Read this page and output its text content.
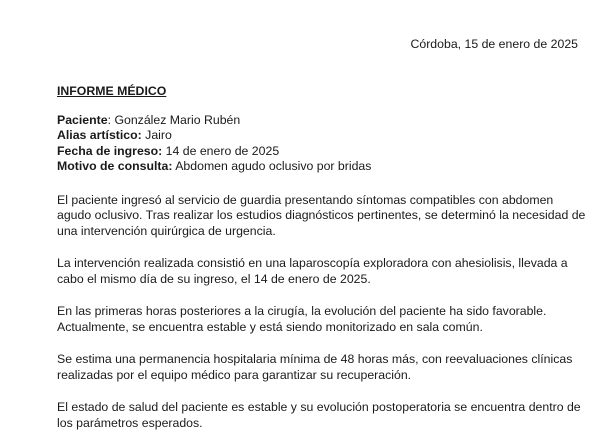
Córdoba, 15 de enero de 2025
INFORME MÉDICO
Paciente: González Mario Rubén
Alias artístico: Jairo
Fecha de ingreso: 14 de enero de 2025
Motivo de consulta: Abdomen agudo oclusivo por bridas

El paciente ingresó al servicio de guardia presentando síntomas compatibles con abdomen agudo oclusivo. Tras realizar los estudios diagnósticos pertinentes, se determinó la necesidad de una intervención quirúrgica de urgencia.

La intervención realizada consistió en una laparoscopía exploradora con ahesiolisis, llevada a cabo el mismo día de su ingreso, el 14 de enero de 2025.

En las primeras horas posteriores a la cirugía, la evolución del paciente ha sido favorable. Actualmente, se encuentra estable y está siendo monitorizado en sala común.

Se estima una permanencia hospitalaria mínima de 48 horas más, con reevaluaciones clínicas realizadas por el equipo médico para garantizar su recuperación.

El estado de salud del paciente es estable y su evolución postoperatoria se encuentra dentro de los parámetros esperados.
